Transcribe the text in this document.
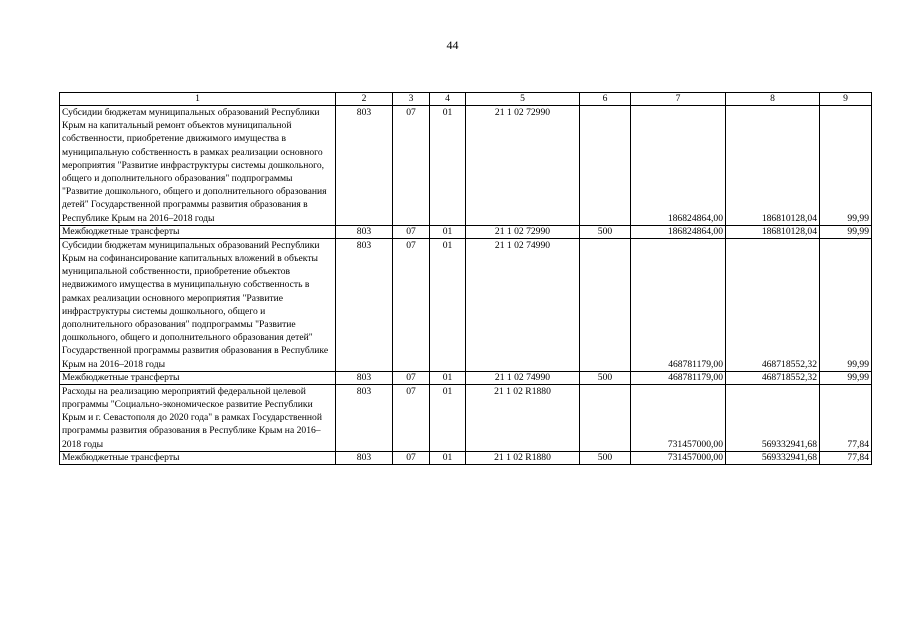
44
1	2	3	4	5	6	7	8	9
Субсидии бюджетам муниципальных образований Республики Крым на капитальный ремонт объектов муниципальной собственности, приобретение движимого имущества в муниципальную собственность в рамках реализации основного мероприятия "Развитие инфраструктуры системы дошкольного, общего и дополнительного образования" подпрограммы "Развитие дошкольного, общего и дополнительного образования детей" Государственной программы развития образования в Республике Крым на 2016–2018 годы	803	07	01	21 1 02 72990		186824864,00	186810128,04	99,99
Межбюджетные трансферты	803	07	01	21 1 02 72990	500	186824864,00	186810128,04	99,99
Субсидии бюджетам муниципальных образований Республики Крым на софинансирование капитальных вложений в объекты муниципальной собственности, приобретение объектов недвижимого имущества в муниципальную собственность в рамках реализации основного мероприятия "Развитие инфраструктуры системы дошкольного, общего и дополнительного образования" подпрограммы "Развитие дошкольного, общего и дополнительного образования детей" Государственной программы развития образования в Республике Крым на 2016–2018 годы	803	07	01	21 1 02 74990		468781179,00	468718552,32	99,99
Межбюджетные трансферты	803	07	01	21 1 02 74990	500	468781179,00	468718552,32	99,99
Расходы на реализацию мероприятий федеральной целевой программы "Социально-экономическое развитие Республики Крым и г. Севастополя до 2020 года" в рамках Государственной программы развития образования в Республике Крым на 2016–2018 годы	803	07	01	21 1 02 R1880		731457000,00	569332941,68	77,84
Межбюджетные трансферты	803	07	01	21 1 02 R1880	500	731457000,00	569332941,68	77,84
